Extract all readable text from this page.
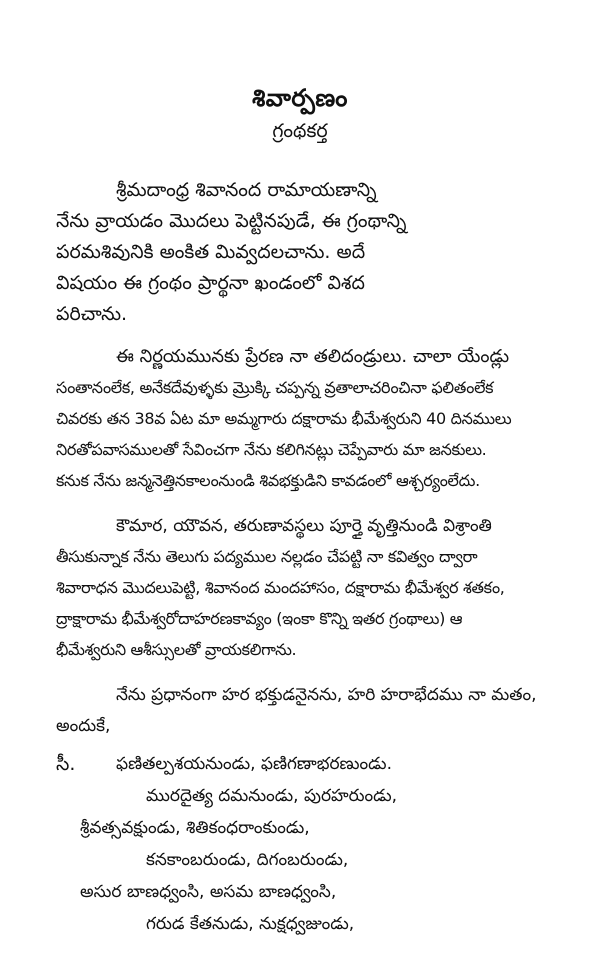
శివార్పణం
గ్రంథకర్త
శ్రీమదాంధ్ర శివానంద రామాయణాన్ని
నేను వ్రాయడం మొదలు పెట్టినపుడే, ఈ గ్రంథాన్ని
పరమశివునికి అంకిత మివ్వదలచాను. అదే
విషయం ఈ గ్రంథం ప్రార్థనా ఖండంలో విశద
పరిచాను.
ఈ నిర్ణయమునకు ప్రేరణ నా తలిదండ్రులు. చాలా యేండ్లు
సంతానంలేక, అనేకదేవుళ్ళకు మ్రొక్కి చప్పన్న వ్రతాలాచరించినా ఫలితంలేక
చివరకు తన 38వ ఏట మా అమ్మగారు దక్షారామ భీమేశ్వరుని 40 దినములు
నిరతోపవాసములతో సేవించగా నేను కలిగినట్లు చెప్పేవారు మా జనకులు.
కనుక నేను జన్మనెత్తినకాలంనుండి శివభక్తుడిని కావడంలో ఆశ్చర్యంలేదు.
కౌమార, యౌవన, తరుణావస్థలు పూర్తై వృత్తినుండి విశ్రాంతి
తీసుకున్నాక నేను తెలుగు పద్యముల నల్లడం చేపట్టి నా కవిత్వం ద్వారా
శివారాధన మొదలుపెట్టి, శివానంద మందహాసం, దక్షారామ భీమేశ్వర శతకం,
ద్రాక్షారామ భీమేశ్వరోదాహరణకావ్యం (ఇంకా కొన్ని ఇతర గ్రంథాలు) ఆ
భీమేశ్వరుని ఆశీస్సులతో వ్రాయకలిగాను.
నేను ప్రధానంగా హర భక్తుడనైనను, హరి హరాభేదము నా మతం,
అందుకే,
సీ. ఫణితల్పశయనుండు, ఫణిగణాభరణుండు.
మురదైత్య దమనుండు, పురహరుండు,
శ్రీవత్సవక్షుండు, శితికంధరాంకుండు,
కనకాంబరుండు, దిగంబరుండు,
అసుర బాణధ్వంసి, అసమ బాణధ్వంసి,
గరుడ కేతనుడు, నుక్షధ్వజుండు,
